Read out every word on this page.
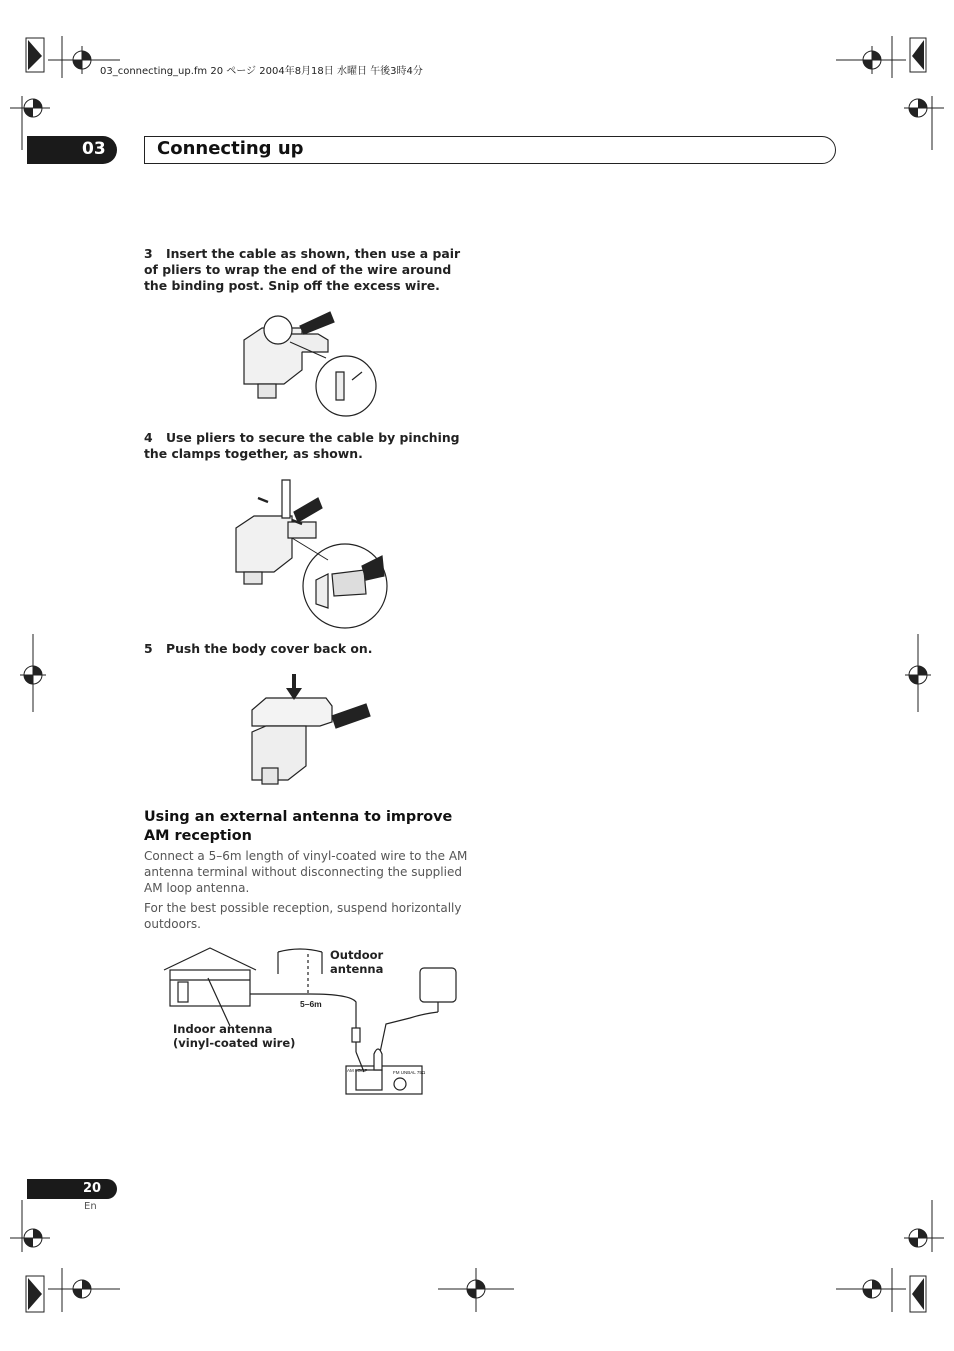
03_connecting_up.fm 20 ページ 2004年8月18日 水曜日 午後3時4分
03	Connecting up
3 Insert the cable as shown, then use a pair of pliers to wrap the end of the wire around the binding post. Snip off the excess wire.
4 Use pliers to secure the cable by pinching the clamps together, as shown.
5 Push the body cover back on.
Using an external antenna to improve AM reception
Connect a 5–6m length of vinyl-coated wire to the AM antenna terminal without disconnecting the supplied AM loop antenna.
For the best possible reception, suspend horizontally outdoors.
5–6m
AM LOOP	FM UNBAL 75Ω
Outdoor
antenna
Indoor antenna
(vinyl-coated wire)
20
En
